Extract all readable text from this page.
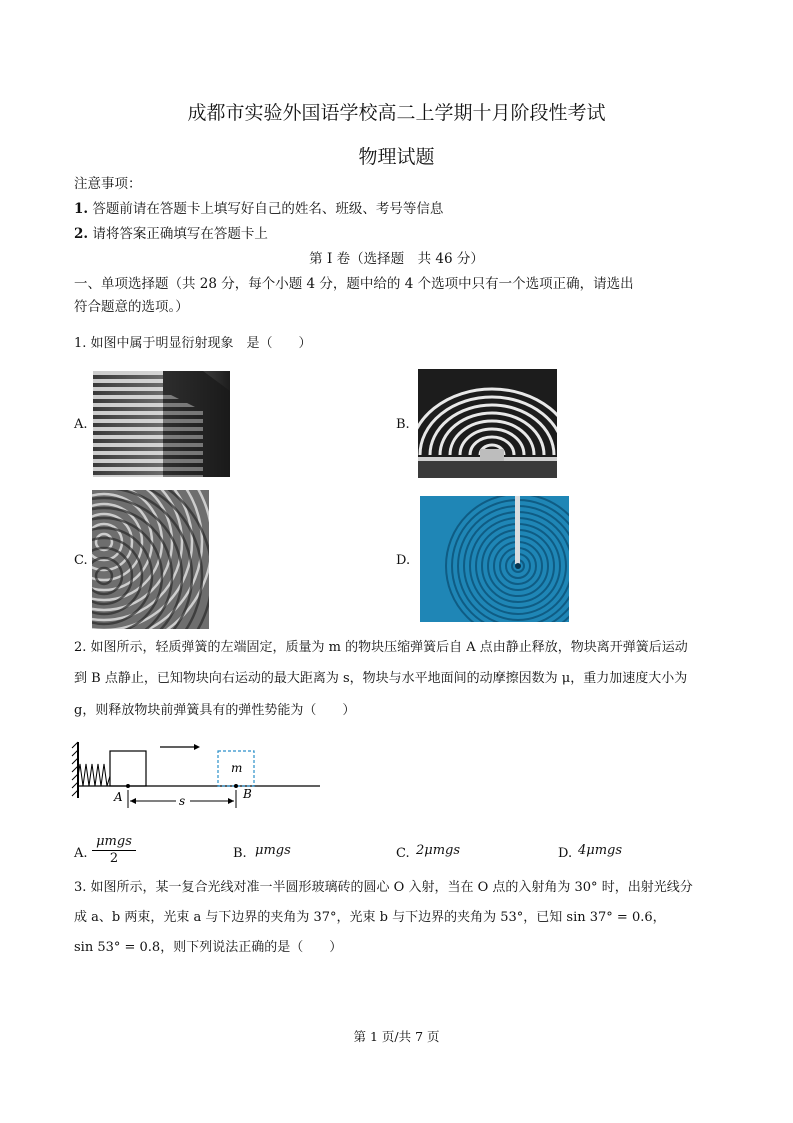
成都市实验外国语学校高二上学期十月阶段性考试
物理试题
注意事项：
1. 答题前请在答题卡上填写好自己的姓名、班级、考号等信息
2. 请将答案正确填写在答题卡上
第 I 卷（选择题　共 46 分）
一、单项选择题（共 28 分，每个小题 4 分，题中给的 4 个选项中只有一个选项正确，请选出
符合题意的选项。）
1. 如图中属于明显衍射现象　是（　　）
A.	B.
C.	D.
2. 如图所示，轻质弹簧的左端固定，质量为 m 的物块压缩弹簧后自 A 点由静止释放，物块离开弹簧后运动
到 B 点静止，已知物块向右运动的最大距离为 s，物块与水平地面间的动摩擦因数为 μ，重力加速度大小为
g，则释放物块前弹簧具有的弹性势能为（　　）
m
A	B
s
A.
μmgs
2	B. μmgs	C. 2μmgs	D. 4μmgs
3. 如图所示，某一复合光线对准一半圆形玻璃砖的圆心 O 入射，当在 O 点的入射角为 30° 时，出射光线分
成 a、b 两束，光束 a 与下边界的夹角为 37°，光束 b 与下边界的夹角为 53°，已知 sin 37° = 0.6，
sin 53° = 0.8，则下列说法正确的是（　　）
第 1 页/共 7 页
